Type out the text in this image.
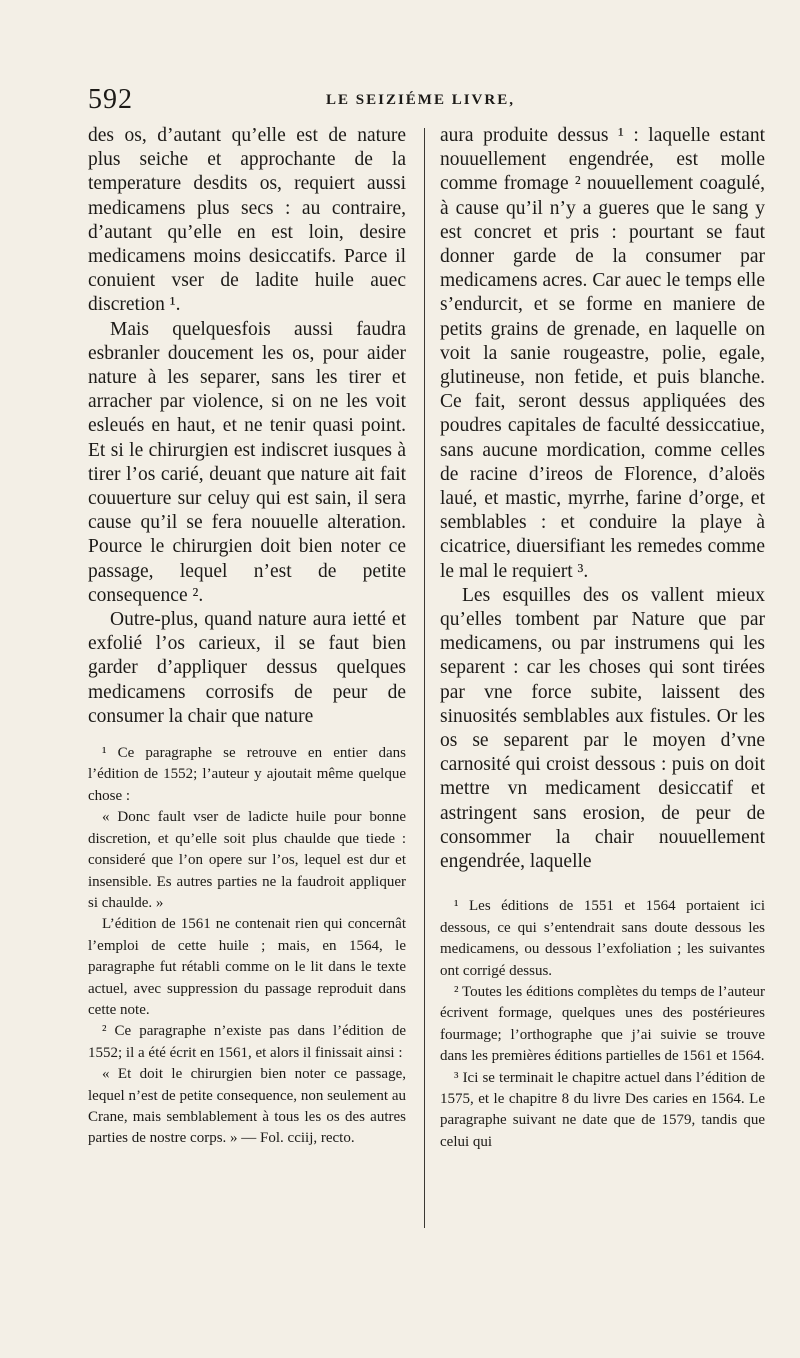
592	LE SEIZIÉME LIVRE,

des os, d’autant qu’elle est de nature plus seiche et approchante de la temperature desdits os, requiert aussi medicamens plus secs : au contraire, d’autant qu’elle en est loin, desire medicamens moins desiccatifs. Parce il conuient vser de ladite huile auec discretion ¹.

Mais quelquesfois aussi faudra esbranler doucement les os, pour aider nature à les separer, sans les tirer et arracher par violence, si on ne les voit esleués en haut, et ne tenir quasi point. Et si le chirurgien est indiscret iusques à tirer l’os carié, deuant que nature ait fait couuerture sur celuy qui est sain, il sera cause qu’il se fera nouuelle alteration. Pource le chirurgien doit bien noter ce passage, lequel n’est de petite consequence ².

Outre-plus, quand nature aura ietté et exfolié l’os carieux, il se faut bien garder d’appliquer dessus quelques medicamens corrosifs de peur de consumer la chair que nature

¹ Ce paragraphe se retrouve en entier dans l’édition de 1552; l’auteur y ajoutait même quelque chose :

« Donc fault vser de ladicte huile pour bonne discretion, et qu’elle soit plus chaulde que tiede : consideré que l’on opere sur l’os, lequel est dur et insensible. Es autres parties ne la faudroit appliquer si chaulde. »

L’édition de 1561 ne contenait rien qui concernât l’emploi de cette huile ; mais, en 1564, le paragraphe fut rétabli comme on le lit dans le texte actuel, avec suppression du passage reproduit dans cette note.

² Ce paragraphe n’existe pas dans l’édition de 1552; il a été écrit en 1561, et alors il finissait ainsi :

« Et doit le chirurgien bien noter ce passage, lequel n’est de petite consequence, non seulement au Crane, mais semblablement à tous les os des autres parties de nostre corps. » — Fol. cciij, recto.

aura produite dessus ¹ : laquelle estant nouuellement engendrée, est molle comme fromage ² nouuellement coagulé, à cause qu’il n’y a gueres que le sang y est concret et pris : pourtant se faut donner garde de la consumer par medicamens acres. Car auec le temps elle s’endurcit, et se forme en maniere de petits grains de grenade, en laquelle on voit la sanie rougeastre, polie, egale, glutineuse, non fetide, et puis blanche. Ce fait, seront dessus appliquées des poudres capitales de faculté dessiccatiue, sans aucune mordication, comme celles de racine d’ireos de Florence, d’aloës laué, et mastic, myrrhe, farine d’orge, et semblables : et conduire la playe à cicatrice, diuersifiant les remedes comme le mal le requiert ³.

Les esquilles des os vallent mieux qu’elles tombent par Nature que par medicamens, ou par instrumens qui les separent : car les choses qui sont tirées par vne force subite, laissent des sinuosités semblables aux fistules. Or les os se separent par le moyen d’vne carnosité qui croist dessous : puis on doit mettre vn medicament desiccatif et astringent sans erosion, de peur de consommer la chair nouuellement engendrée, laquelle

¹ Les éditions de 1551 et 1564 portaient ici dessous, ce qui s’entendrait sans doute dessous les medicamens, ou dessous l’exfoliation ; les suivantes ont corrigé dessus.

² Toutes les éditions complètes du temps de l’auteur écrivent formage, quelques unes des postérieures fourmage; l’orthographe que j’ai suivie se trouve dans les premières éditions partielles de 1561 et 1564.

³ Ici se terminait le chapitre actuel dans l’édition de 1575, et le chapitre 8 du livre Des caries en 1564. Le paragraphe suivant ne date que de 1579, tandis que celui qui
